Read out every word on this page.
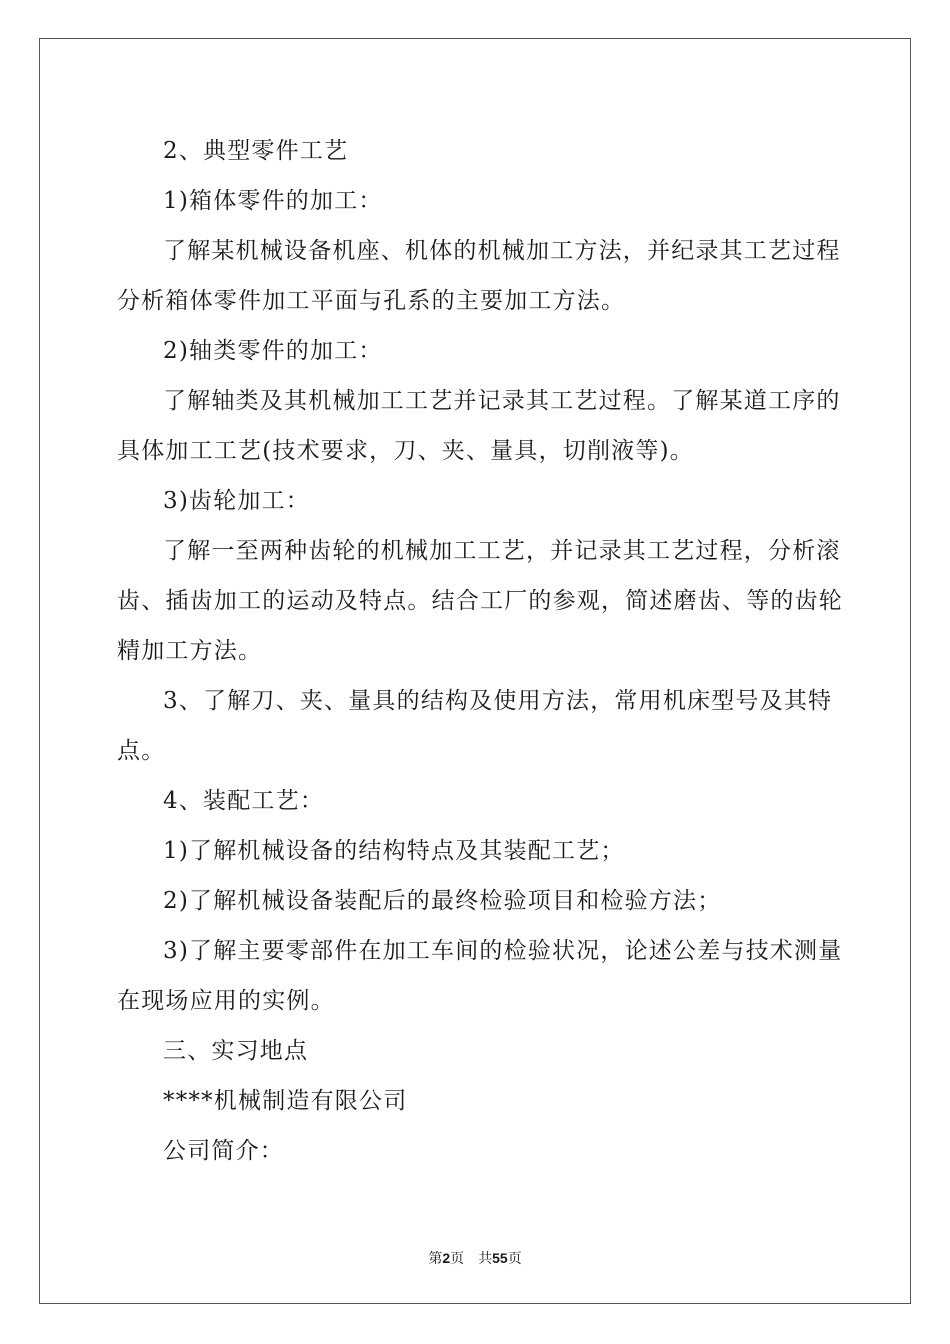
2、典型零件工艺
1)箱体零件的加工：
了解某机械设备机座、机体的机械加工方法，并纪录其工艺过程
分析箱体零件加工平面与孔系的主要加工方法。
2)轴类零件的加工：
了解轴类及其机械加工工艺并记录其工艺过程。了解某道工序的
具体加工工艺(技术要求，刀、夹、量具，切削液等)。
3)齿轮加工：
了解一至两种齿轮的机械加工工艺，并记录其工艺过程，分析滚
齿、插齿加工的运动及特点。结合工厂的参观，简述磨齿、等的齿轮
精加工方法。
3、了解刀、夹、量具的结构及使用方法，常用机床型号及其特
点。
4、装配工艺：
1)了解机械设备的结构特点及其装配工艺；
2)了解机械设备装配后的最终检验项目和检验方法；
3)了解主要零部件在加工车间的检验状况，论述公差与技术测量
在现场应用的实例。
三、实习地点
****机械制造有限公司
公司简介：
第2页 共55页
